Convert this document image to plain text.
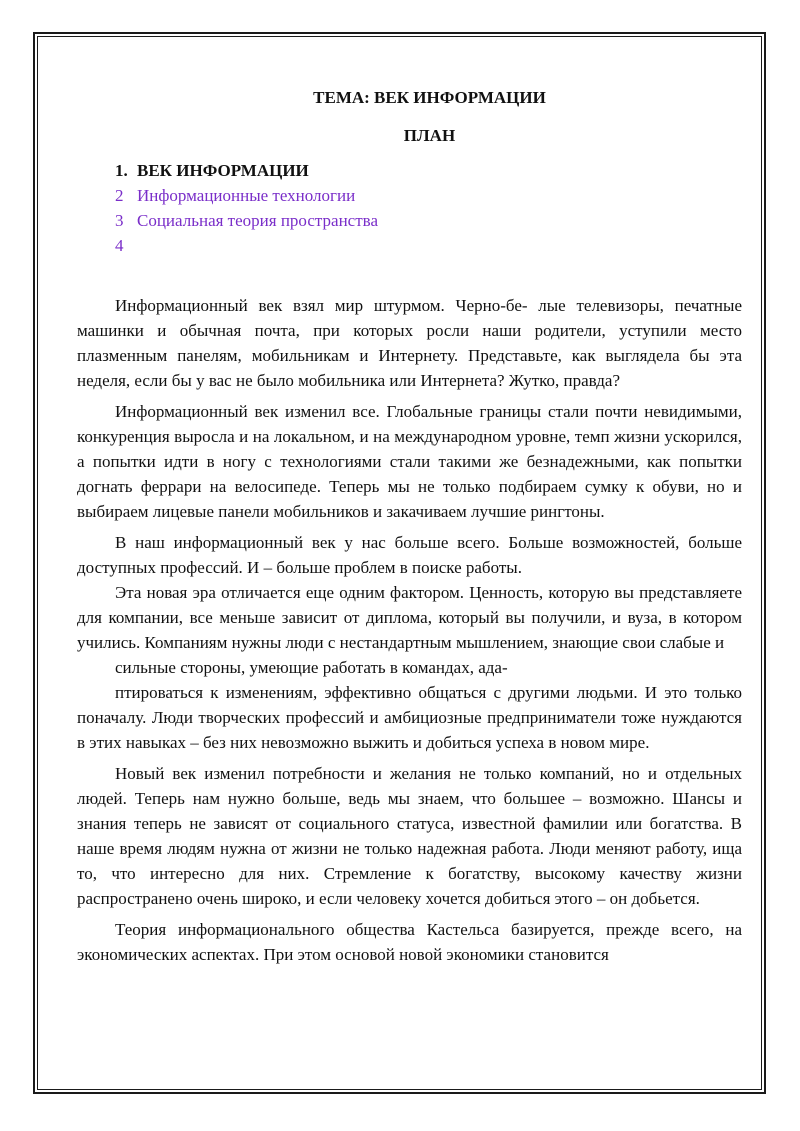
ТЕМА: ВЕК ИНФОРМАЦИИ
ПЛАН
1. ВЕК ИНФОРМАЦИИ
2 Информационные технологии
3 Социальная теория пространства
4

Информационный век взял мир штурмом. Черно-бе- лые телевизоры, печатные машинки и обычная почта, при которых росли наши родители, уступили место плазменным панелям, мобильникам и Интернету. Представьте, как выглядела бы эта неделя, если бы у вас не было мобильника или Интернета? Жутко, правда?

Информационный век изменил все. Глобальные границы стали почти невидимыми, конкуренция выросла и на локальном, и на международном уровне, темп жизни ускорился, а попытки идти в ногу с технологиями стали такими же безнадежными, как попытки догнать феррари на велосипеде. Теперь мы не только подбираем сумку к обуви, но и выбираем лицевые панели мобильников и закачиваем лучшие рингтоны.

В наш информационный век у нас больше всего. Больше возможностей, больше доступных профессий. И – больше проблем в поиске работы.

Эта новая эра отличается еще одним фактором. Ценность, которую вы представляете для компании, все меньше зависит от диплома, который вы получили, и вуза, в котором учились. Компаниям нужны люди с нестандартным мышлением, знающие свои слабые и

сильные стороны, умеющие работать в командах, ада-

птироваться к изменениям, эффективно общаться с другими людьми. И это только поначалу. Люди творческих профессий и амбициозные предприниматели тоже нуждаются в этих навыках – без них невозможно выжить и добиться успеха в новом мире.

Новый век изменил потребности и желания не только компаний, но и отдельных людей. Теперь нам нужно больше, ведь мы знаем, что большее – возможно. Шансы и знания теперь не зависят от социального статуса, известной фамилии или богатства. В наше время людям нужна от жизни не только надежная работа. Люди меняют работу, ища то, что интересно для них. Стремление к богатству, высокому качеству жизни распространено очень широко, и если человеку хочется добиться этого – он добьется.

Теория информационального общества Кастельса базируется, прежде всего, на экономических аспектах. При этом основой новой экономики становится
